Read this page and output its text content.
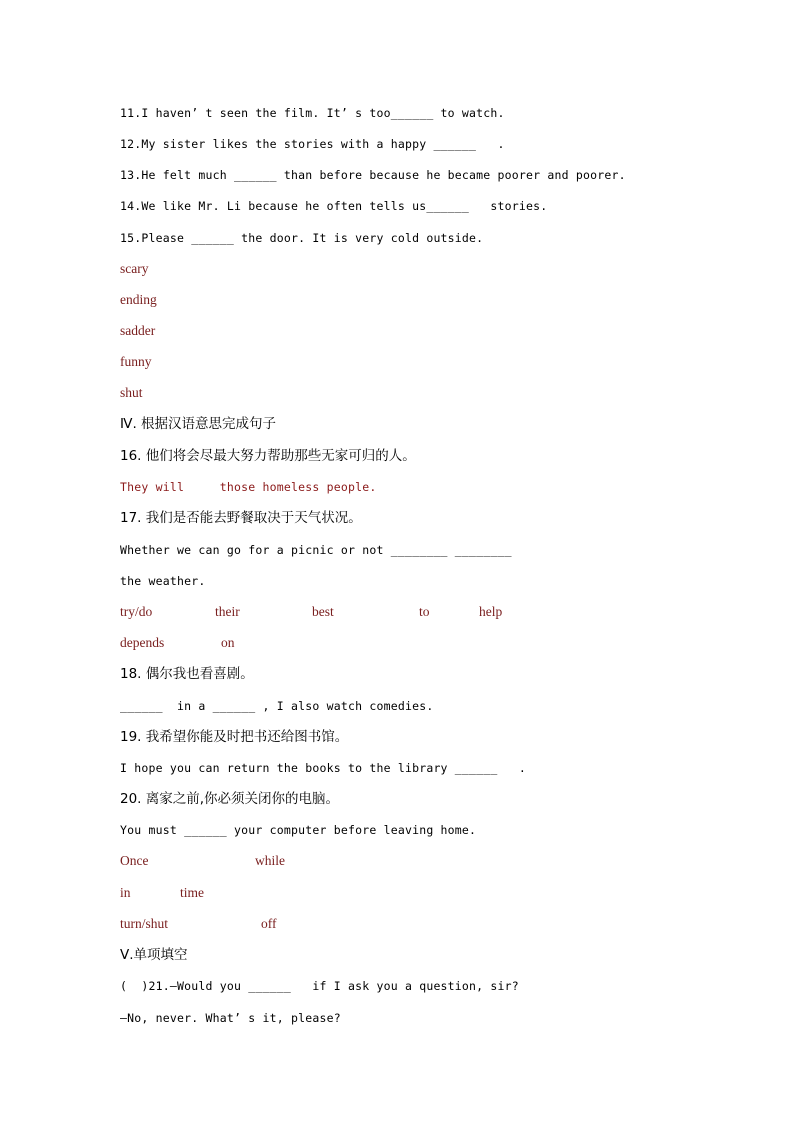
11.I haven’ t seen the film. It’ s too______ to watch.
12.My sister likes the stories with a happy ______   .
13.He felt much ______ than before because he became poorer and poorer.
14.We like Mr. Li because he often tells us______   stories.
15.Please ______ the door. It is very cold outside.
scary
ending
sadder
funny
shut
Ⅳ. 根据汉语意思完成句子
16. 他们将会尽最大努力帮助那些无家可归的人。
They will     those homeless people.
17. 我们是否能去野餐取决于天气状况。
Whether we can go for a picnic or not ________ ________
the weather.
try/do	their	best	to	help
depends	on
18. 偶尔我也看喜剧。
______  in a ______ , I also watch comedies.
19. 我希望你能及时把书还给图书馆。
I hope you can return the books to the library ______   .
20. 离家之前,你必须关闭你的电脑。
You must ______ your computer before leaving home.
Once	while
in	time
turn/shut	off
Ⅴ.单项填空
(  )21.—Would you ______   if I ask you a question, sir?
—No, never. What’ s it, please?
